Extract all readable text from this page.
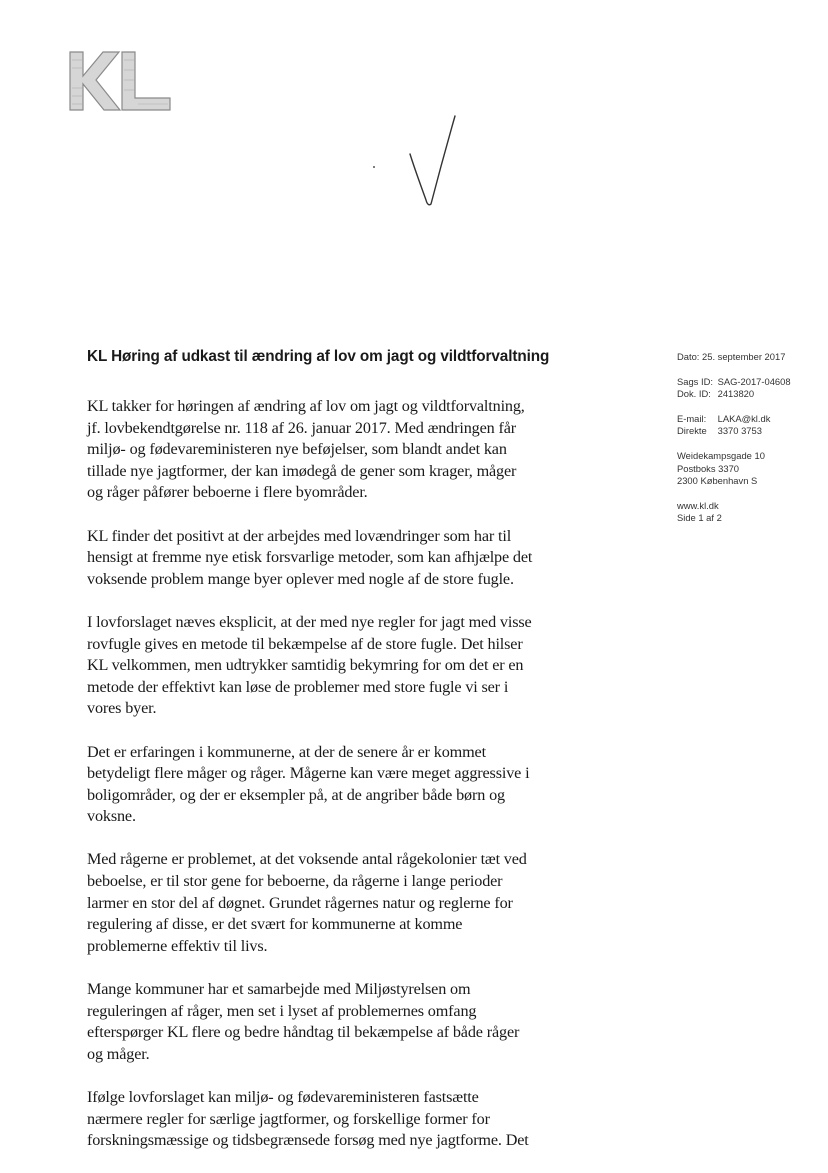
KL Høring af udkast til ændring af lov om jagt og vildtforvaltning	Dato: 25. september 2017
Sags ID: SAG-2017-04608
Dok. ID: 2413820
E-mail: LAKA@kl.dk
Direkte 3370 3753
Weidekampsgade 10
Postboks 3370
2300 København S
www.kl.dk
Side 1 af 2

KL takker for høringen af ændring af lov om jagt og vildtforvaltning,
jf. lovbekendtgørelse nr. 118 af 26. januar 2017. Med ændringen får
miljø- og fødevareministeren nye beføjelser, som blandt andet kan
tillade nye jagtformer, der kan imødegå de gener som krager, måger
og råger påfører beboerne i flere byområder.

KL finder det positivt at der arbejdes med lovændringer som har til
hensigt at fremme nye etisk forsvarlige metoder, som kan afhjælpe det
voksende problem mange byer oplever med nogle af de store fugle.

I lovforslaget næves eksplicit, at der med nye regler for jagt med visse
rovfugle gives en metode til bekæmpelse af de store fugle. Det hilser
KL velkommen, men udtrykker samtidig bekymring for om det er en
metode der effektivt kan løse de problemer med store fugle vi ser i
vores byer.

Det er erfaringen i kommunerne, at der de senere år er kommet
betydeligt flere måger og råger. Mågerne kan være meget aggressive i
boligområder, og der er eksempler på, at de angriber både børn og
voksne.

Med rågerne er problemet, at det voksende antal rågekolonier tæt ved
beboelse, er til stor gene for beboerne, da rågerne i lange perioder
larmer en stor del af døgnet. Grundet rågernes natur og reglerne for
regulering af disse, er det svært for kommunerne at komme
problemerne effektiv til livs.

Mange kommuner har et samarbejde med Miljøstyrelsen om
reguleringen af råger, men set i lyset af problemernes omfang
efterspørger KL flere og bedre håndtag til bekæmpelse af både råger
og måger.

Ifølge lovforslaget kan miljø- og fødevareministeren fastsætte
nærmere regler for særlige jagtformer, og forskellige former for
forskningsmæssige og tidsbegrænsede forsøg med nye jagtforme. Det
